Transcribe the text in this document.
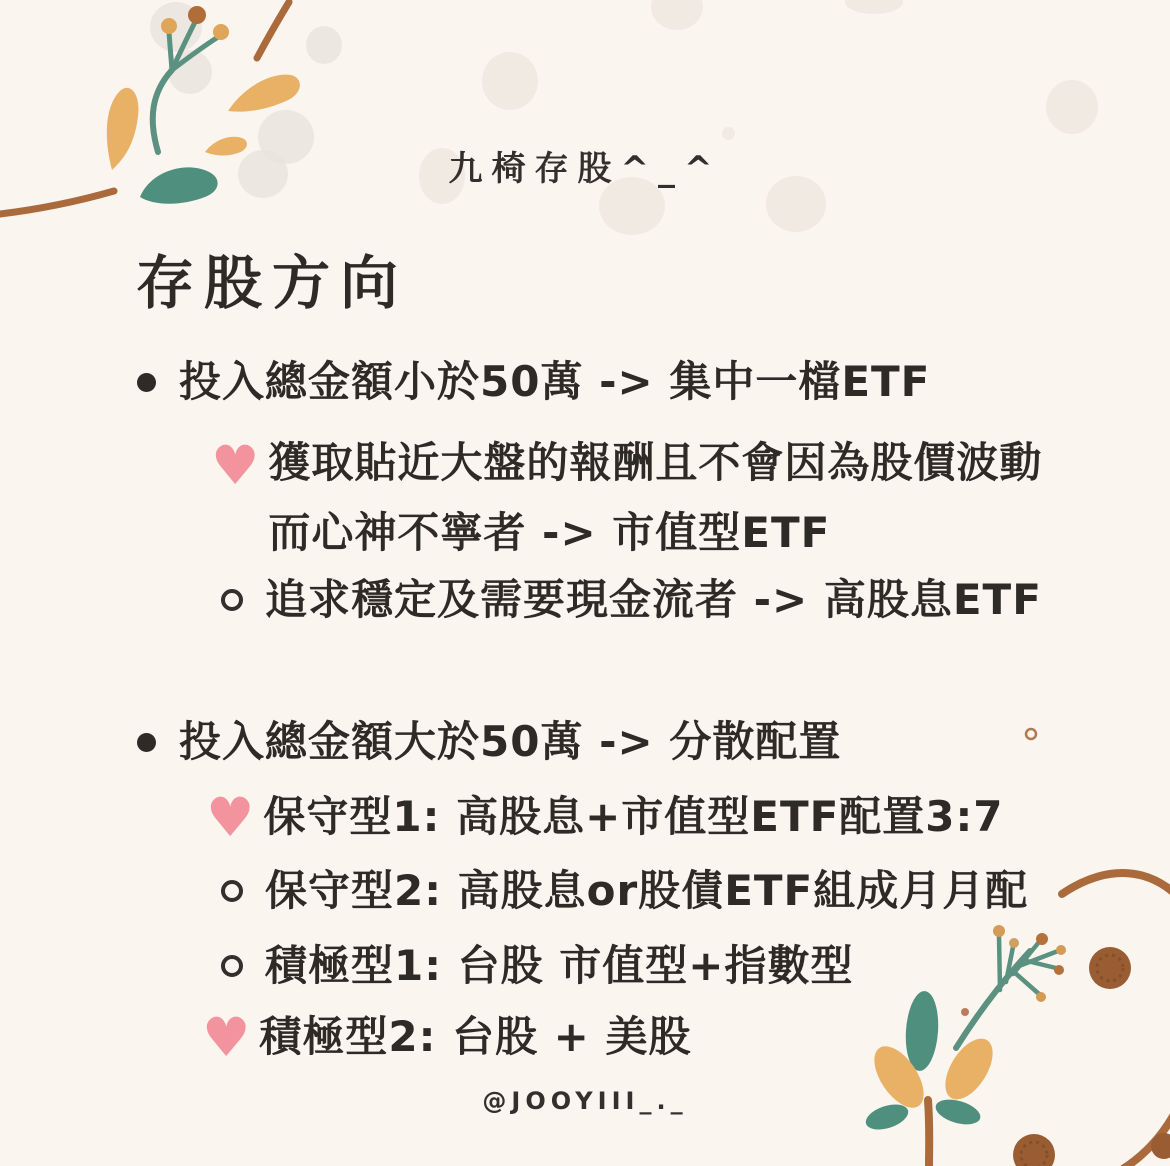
九椅存股^_^
存股方向
投入總金額小於50萬 -> 集中一檔ETF
♥ 獲取貼近大盤的報酬且不會因為股價波動
而心神不寧者 -> 市值型ETF
追求穩定及需要現金流者 -> 高股息ETF
投入總金額大於50萬 -> 分散配置
♥ 保守型1: 高股息+市值型ETF配置3:7
保守型2: 高股息or股債ETF組成月月配
積極型1: 台股 市值型+指數型
♥ 積極型2: 台股 + 美股
@JOOYIII_._
